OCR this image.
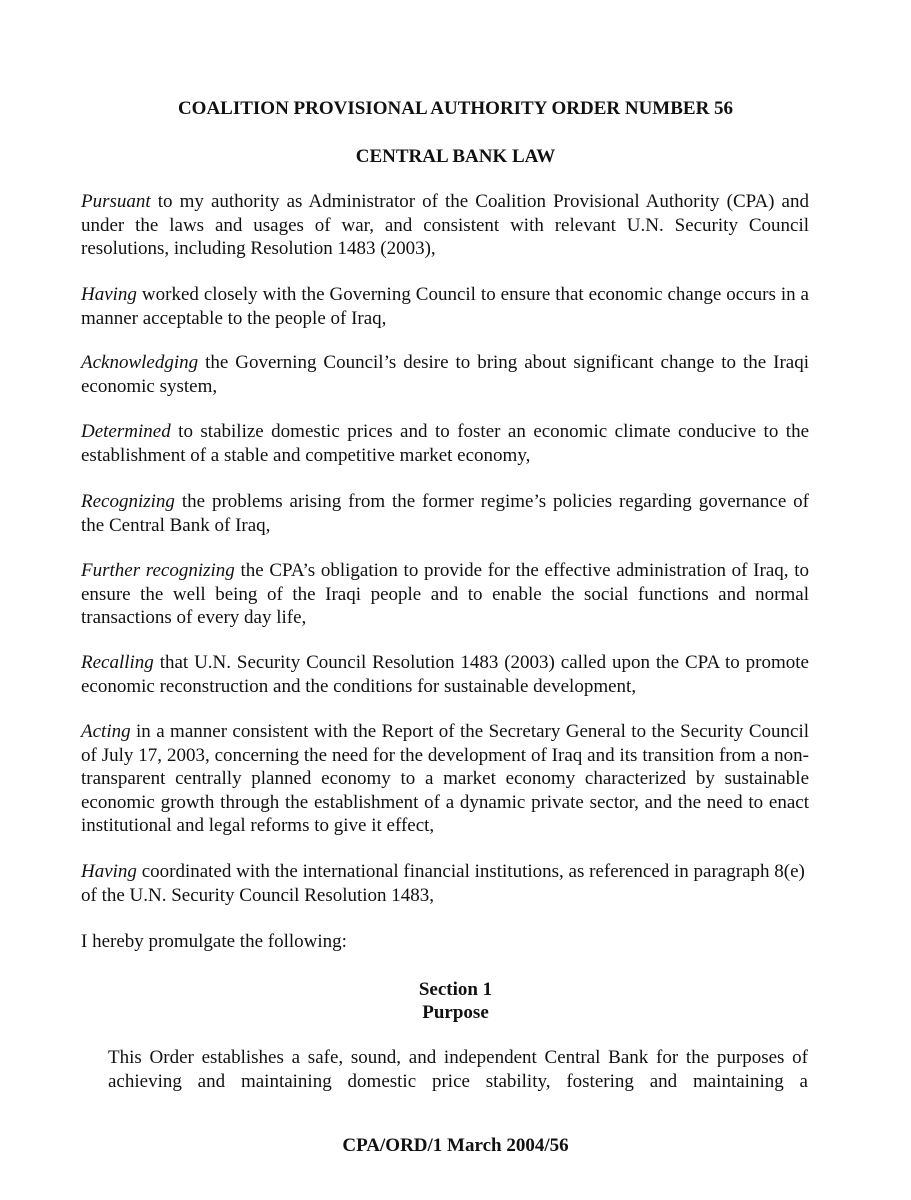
COALITION PROVISIONAL AUTHORITY ORDER NUMBER 56
CENTRAL BANK LAW
Pursuant to my authority as Administrator of the Coalition Provisional Authority (CPA) and under the laws and usages of war, and consistent with relevant U.N. Security Council resolutions, including Resolution 1483 (2003),
Having worked closely with the Governing Council to ensure that economic change occurs in a manner acceptable to the people of Iraq,
Acknowledging the Governing Council’s desire to bring about significant change to the Iraqi economic system,
Determined to stabilize domestic prices and to foster an economic climate conducive to the establishment of a stable and competitive market economy,
Recognizing the problems arising from the former regime’s policies regarding governance of the Central Bank of Iraq,
Further recognizing the CPA’s obligation to provide for the effective administration of Iraq, to ensure the well being of the Iraqi people and to enable the social functions and normal transactions of every day life,
Recalling that U.N. Security Council Resolution 1483 (2003) called upon the CPA to promote economic reconstruction and the conditions for sustainable development,
Acting in a manner consistent with the Report of the Secretary General to the Security Council of July 17, 2003, concerning the need for the development of Iraq and its transition from a non-transparent centrally planned economy to a market economy characterized by sustainable economic growth through the establishment of a dynamic private sector, and the need to enact institutional and legal reforms to give it effect,
Having coordinated with the international financial institutions, as referenced in paragraph 8(e) of the U.N. Security Council Resolution 1483,
I hereby promulgate the following:
Section 1
Purpose
This Order establishes a safe, sound, and independent Central Bank for the purposes of achieving and maintaining domestic price stability, fostering and maintaining a
CPA/ORD/1 March 2004/56
